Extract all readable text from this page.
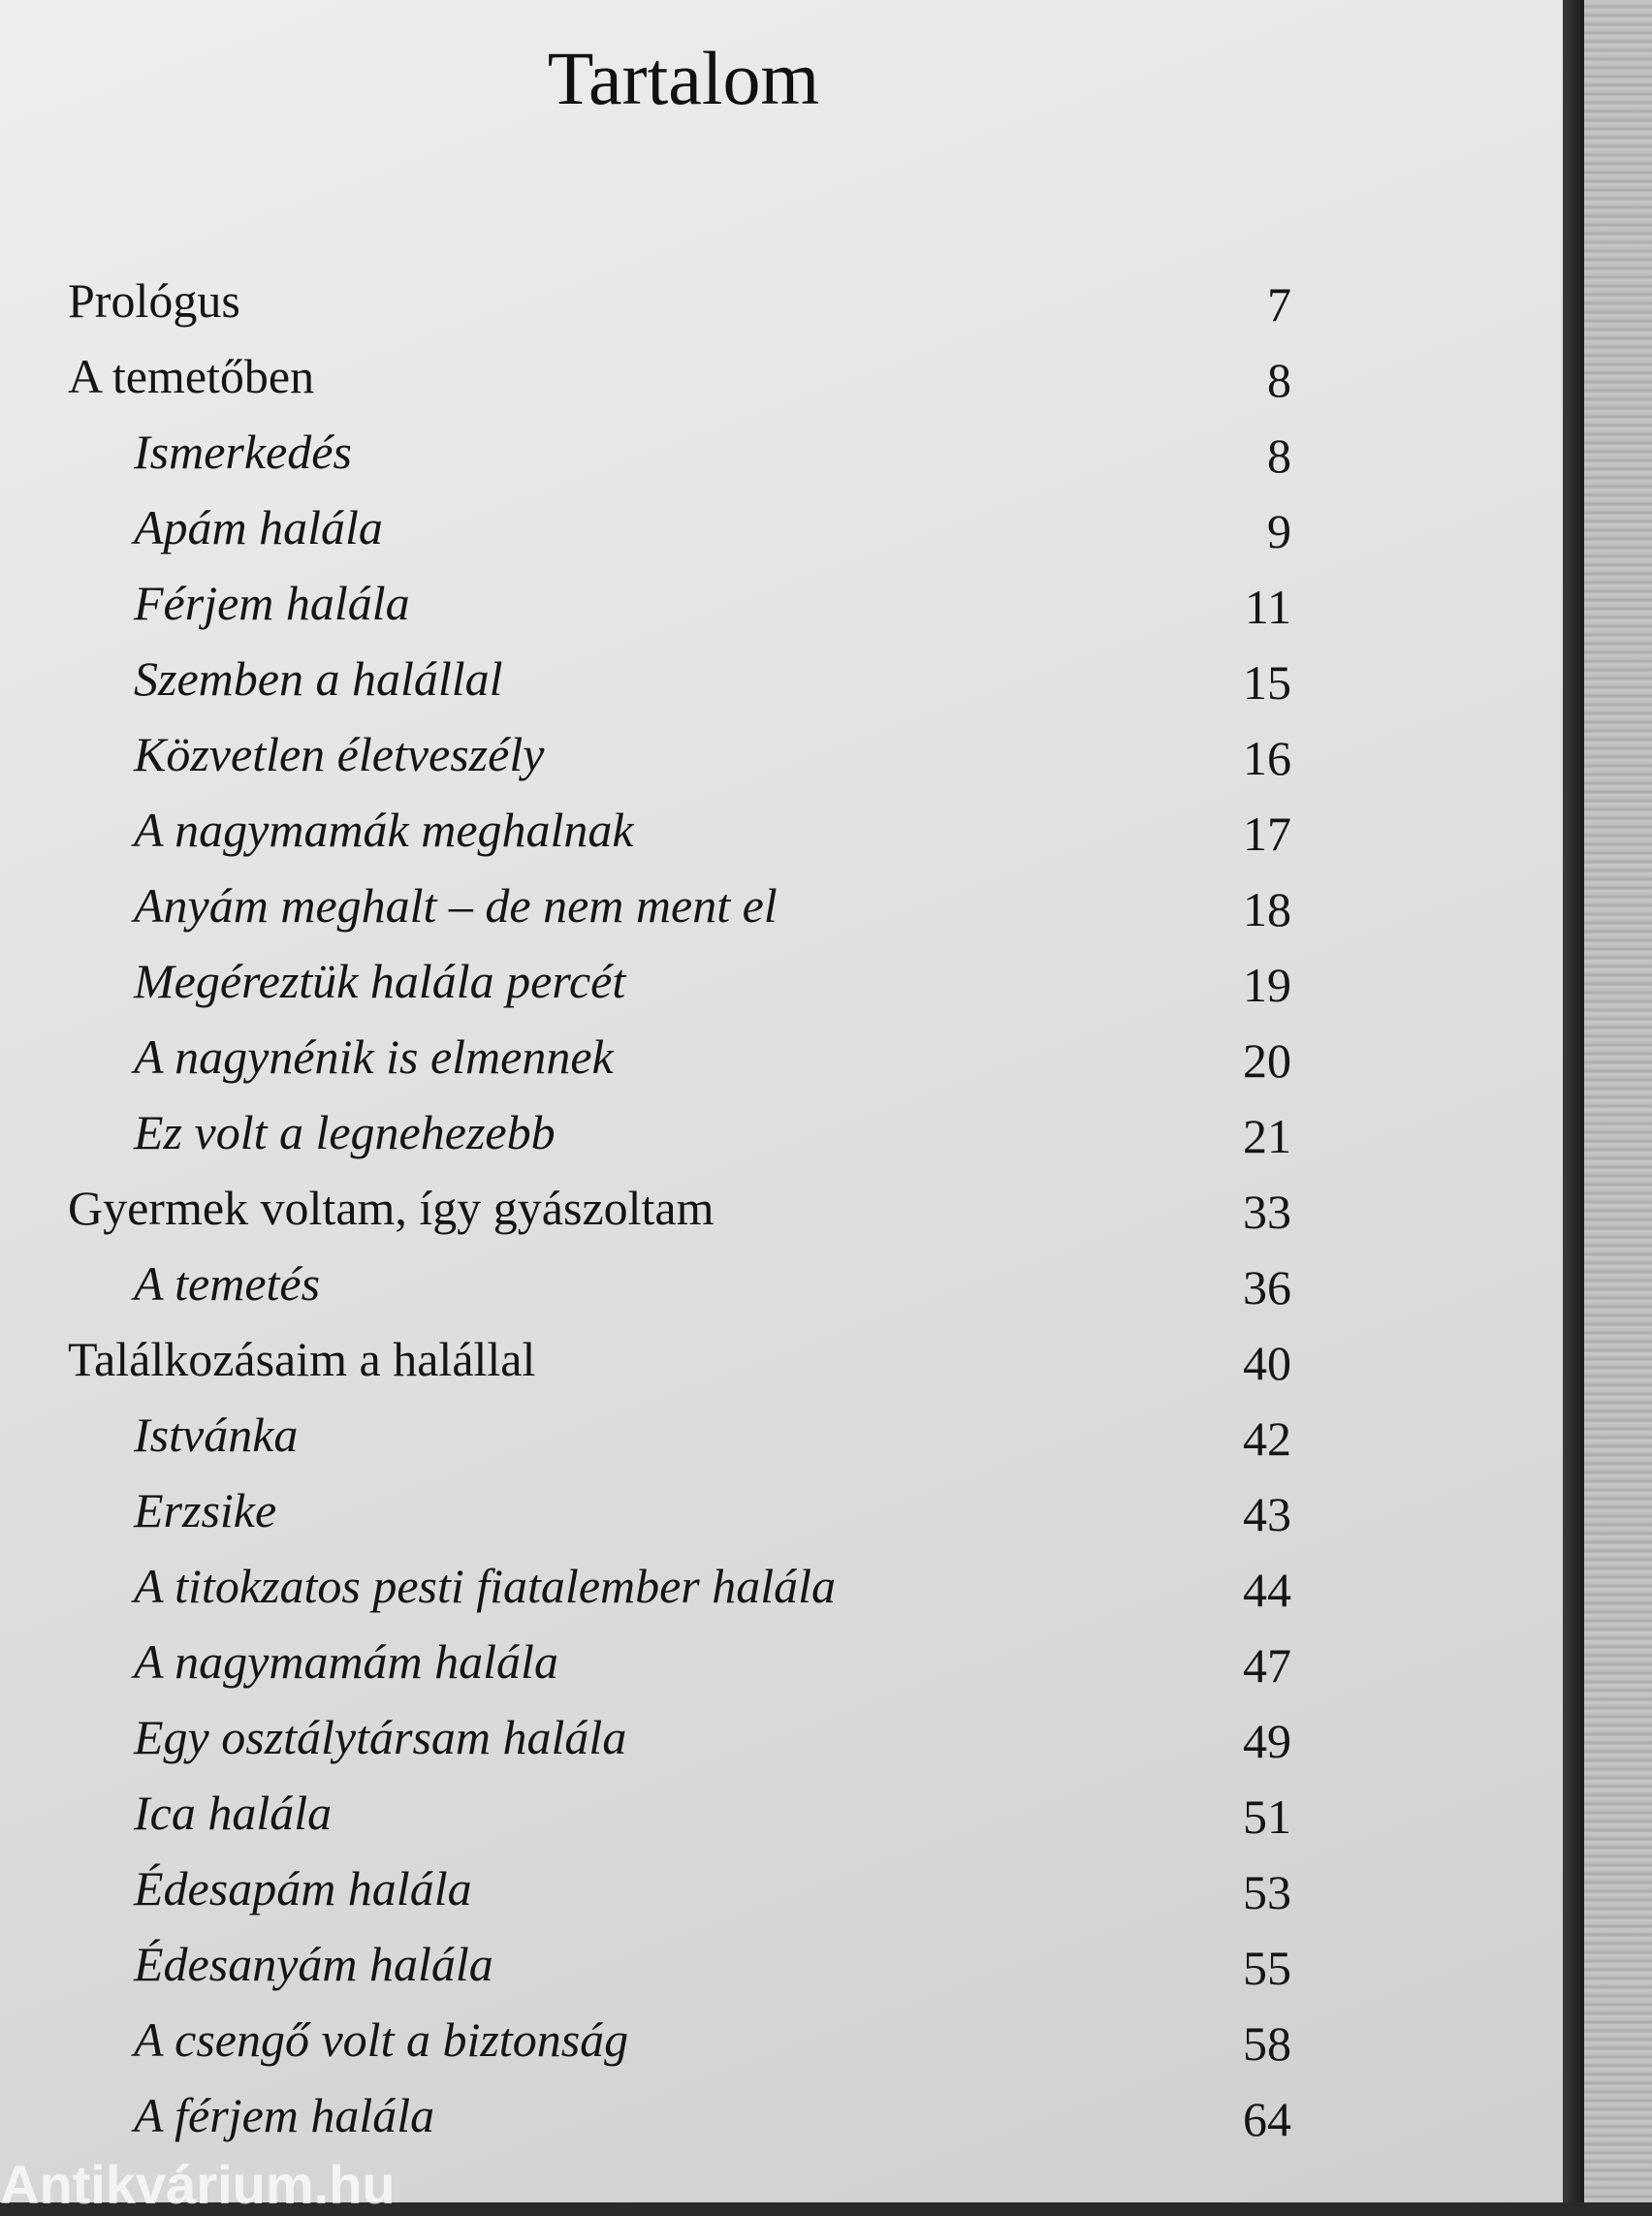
Tartalom
Prológus	7
A temetőben	8
Ismerkedés	8
Apám halála	9
Férjem halála	11
Szemben a halállal	15
Közvetlen életveszély	16
A nagymamák meghalnak	17
Anyám meghalt – de nem ment el	18
Megéreztük halála percét	19
A nagynénik is elmennek	20
Ez volt a legnehezebb	21
Gyermek voltam, így gyászoltam	33
A temetés	36
Találkozásaim a halállal	40
Istvánka	42
Erzsike	43
A titokzatos pesti fiatalember halála	44
A nagymamám halála	47
Egy osztálytársam halála	49
Ica halála	51
Édesapám halála	53
Édesanyám halála	55
A csengő volt a biztonság	58
A férjem halála	64
Antikvárium.hu
